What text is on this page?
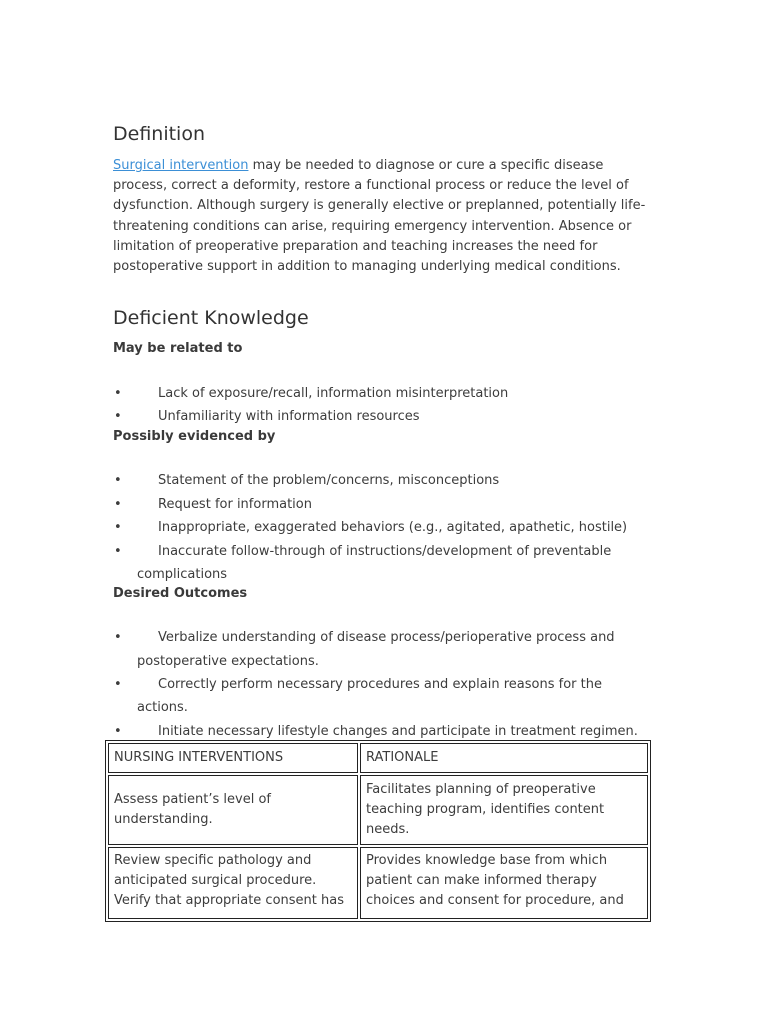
Definition
Surgical intervention may be needed to diagnose or cure a specific disease process, correct a deformity, restore a functional process or reduce the level of dysfunction. Although surgery is generally elective or preplanned, potentially life-threatening conditions can arise, requiring emergency intervention. Absence or limitation of preoperative preparation and teaching increases the need for postoperative support in addition to managing underlying medical conditions.
Deficient Knowledge
May be related to
•	Lack of exposure/recall, information misinterpretation
•	Unfamiliarity with information resources
Possibly evidenced by
•	Statement of the problem/concerns, misconceptions
•	Request for information
•	Inappropriate, exaggerated behaviors (e.g., agitated, apathetic, hostile)
•	Inaccurate follow-through of instructions/development of preventable
complications
Desired Outcomes
•	Verbalize understanding of disease process/perioperative process and
postoperative expectations.
•	Correctly perform necessary procedures and explain reasons for the
actions.
•	Initiate necessary lifestyle changes and participate in treatment regimen.
NURSING INTERVENTIONS	RATIONALE
Assess patient’s level of understanding.	Facilitates planning of preoperative teaching program, identifies content needs.
Review specific pathology and anticipated surgical procedure. Verify that appropriate consent has	Provides knowledge base from which patient can make informed therapy choices and consent for procedure, and
